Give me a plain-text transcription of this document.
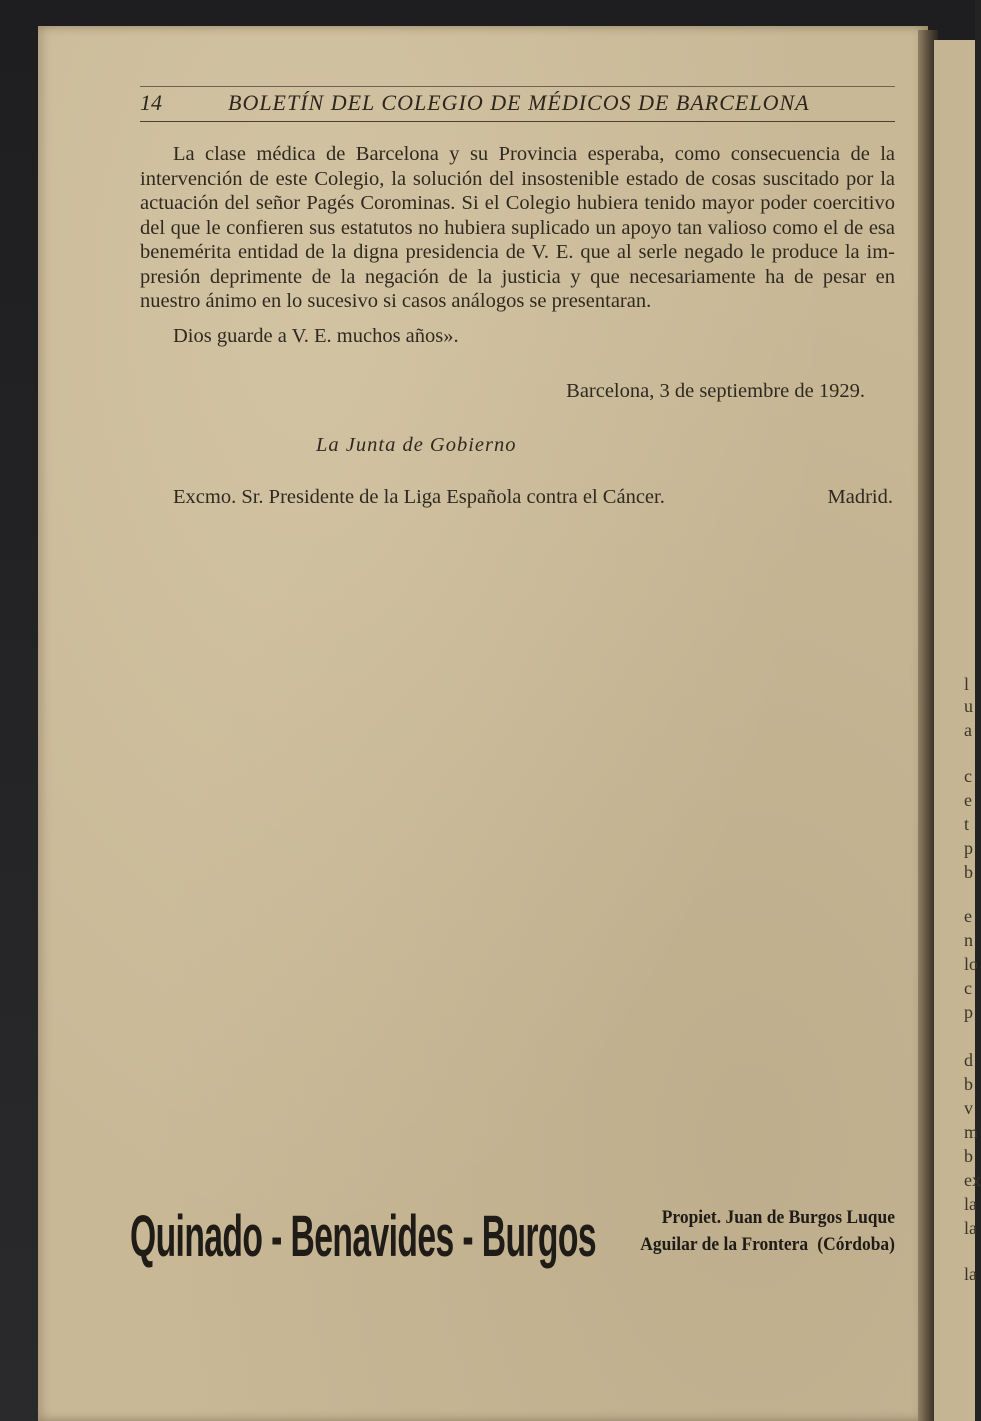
l
u
a
c
e
t
p
b
e
n
lo
c
p
d
b
v
m
b
ex
la
la
la
14	BOLETÍN DEL COLEGIO DE MÉDICOS DE BARCELONA

La clase médica de Barcelona y su Provincia esperaba, como consecuencia de la intervención de este Colegio, la solución del insostenible estado de cosas suscitado por la actuación del señor Pagés Corominas. Si el Colegio hubiera tenido mayor poder coercitivo del que le confieren sus estatutos no hubiera suplicado un apoyo tan valioso como el de esa benemérita entidad de la digna presidencia de V. E. que al serle negado le produce la impresión deprimente de la negación de la justicia y que necesariamente ha de pesar en nuestro ánimo en lo sucesivo si casos análogos se presentaran.

Dios guarde a V. E. muchos años».
Barcelona, 3 de septiembre de 1929.
La Junta de Gobierno
Excmo. Sr. Presidente de la Liga Española contra el Cáncer.	Madrid.
Quinado - Benavides - Burgos	Propiet. Juan de Burgos Luque
Aguilar de la Frontera (Córdoba)
